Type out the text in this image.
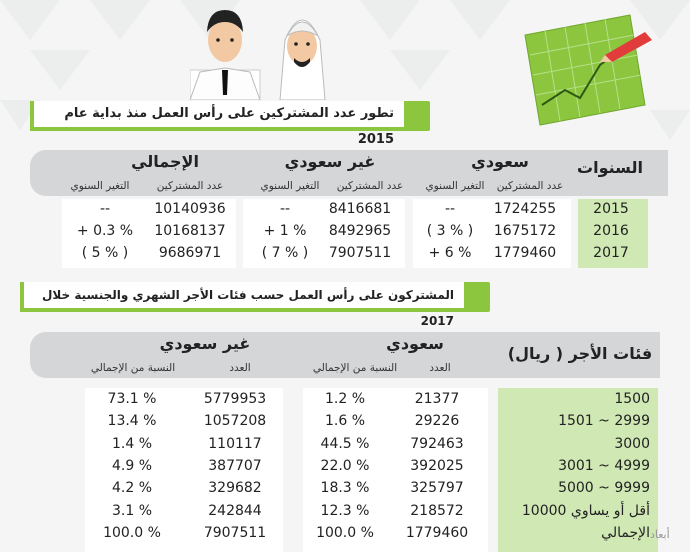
تطور عدد المشتركين على رأس العمل منذ بداية عام 2015
السنوات
سعودي
عدد المشتركين
التغير السنوي
غير سعودي
عدد المشتركين
التغير السنوي
الإجمالي
عدد المشتركين
التغير السنوي
2015
1724255
--
8416681
--
10140936
--
2016
1675172
( 3 % )
8492965
+ 1 %
10168137
+ 0.3 %
2017
1779460
+ 6 %
7907511
( 7 % )
9686971
( 5 % )
المشتركون على رأس العمل حسب فئات الأجر الشهري والجنسية خلال 2017
فئات الأجر ( ريال)
سعودي
العدد
النسبة من الإجمالي
غير سعودي
العدد
النسبة من الإجمالي
1500
21377
1.2 %
5779953
73.1 %
2999 ~ 1501
29226
1.6 %
1057208
13.4 %
3000
792463
44.5 %
110117
1.4 %
4999 ~ 3001
392025
22.0 %
387707
4.9 %
9999 ~ 5000
325797
18.3 %
329682
4.2 %
أقل أو يساوي 10000
218572
12.3 %
242844
3.1 %
الإجمالي
1779460
100.0 %
7907511
100.0 %	أبعاد
